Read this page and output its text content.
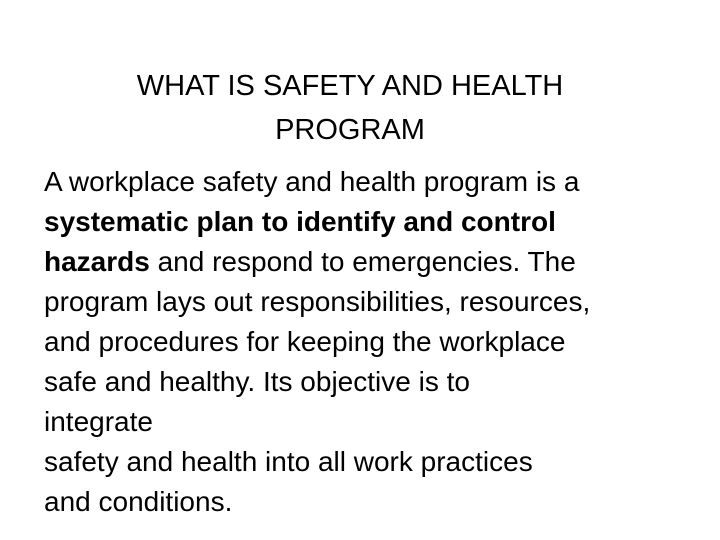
WHAT IS SAFETY AND HEALTH
PROGRAM

A workplace safety and health program is a
systematic plan to identify and control
hazards and respond to emergencies. The
program lays out responsibilities, resources,
and procedures for keeping the workplace
safe and healthy. Its objective is to
integrate
safety and health into all work practices
and conditions.
